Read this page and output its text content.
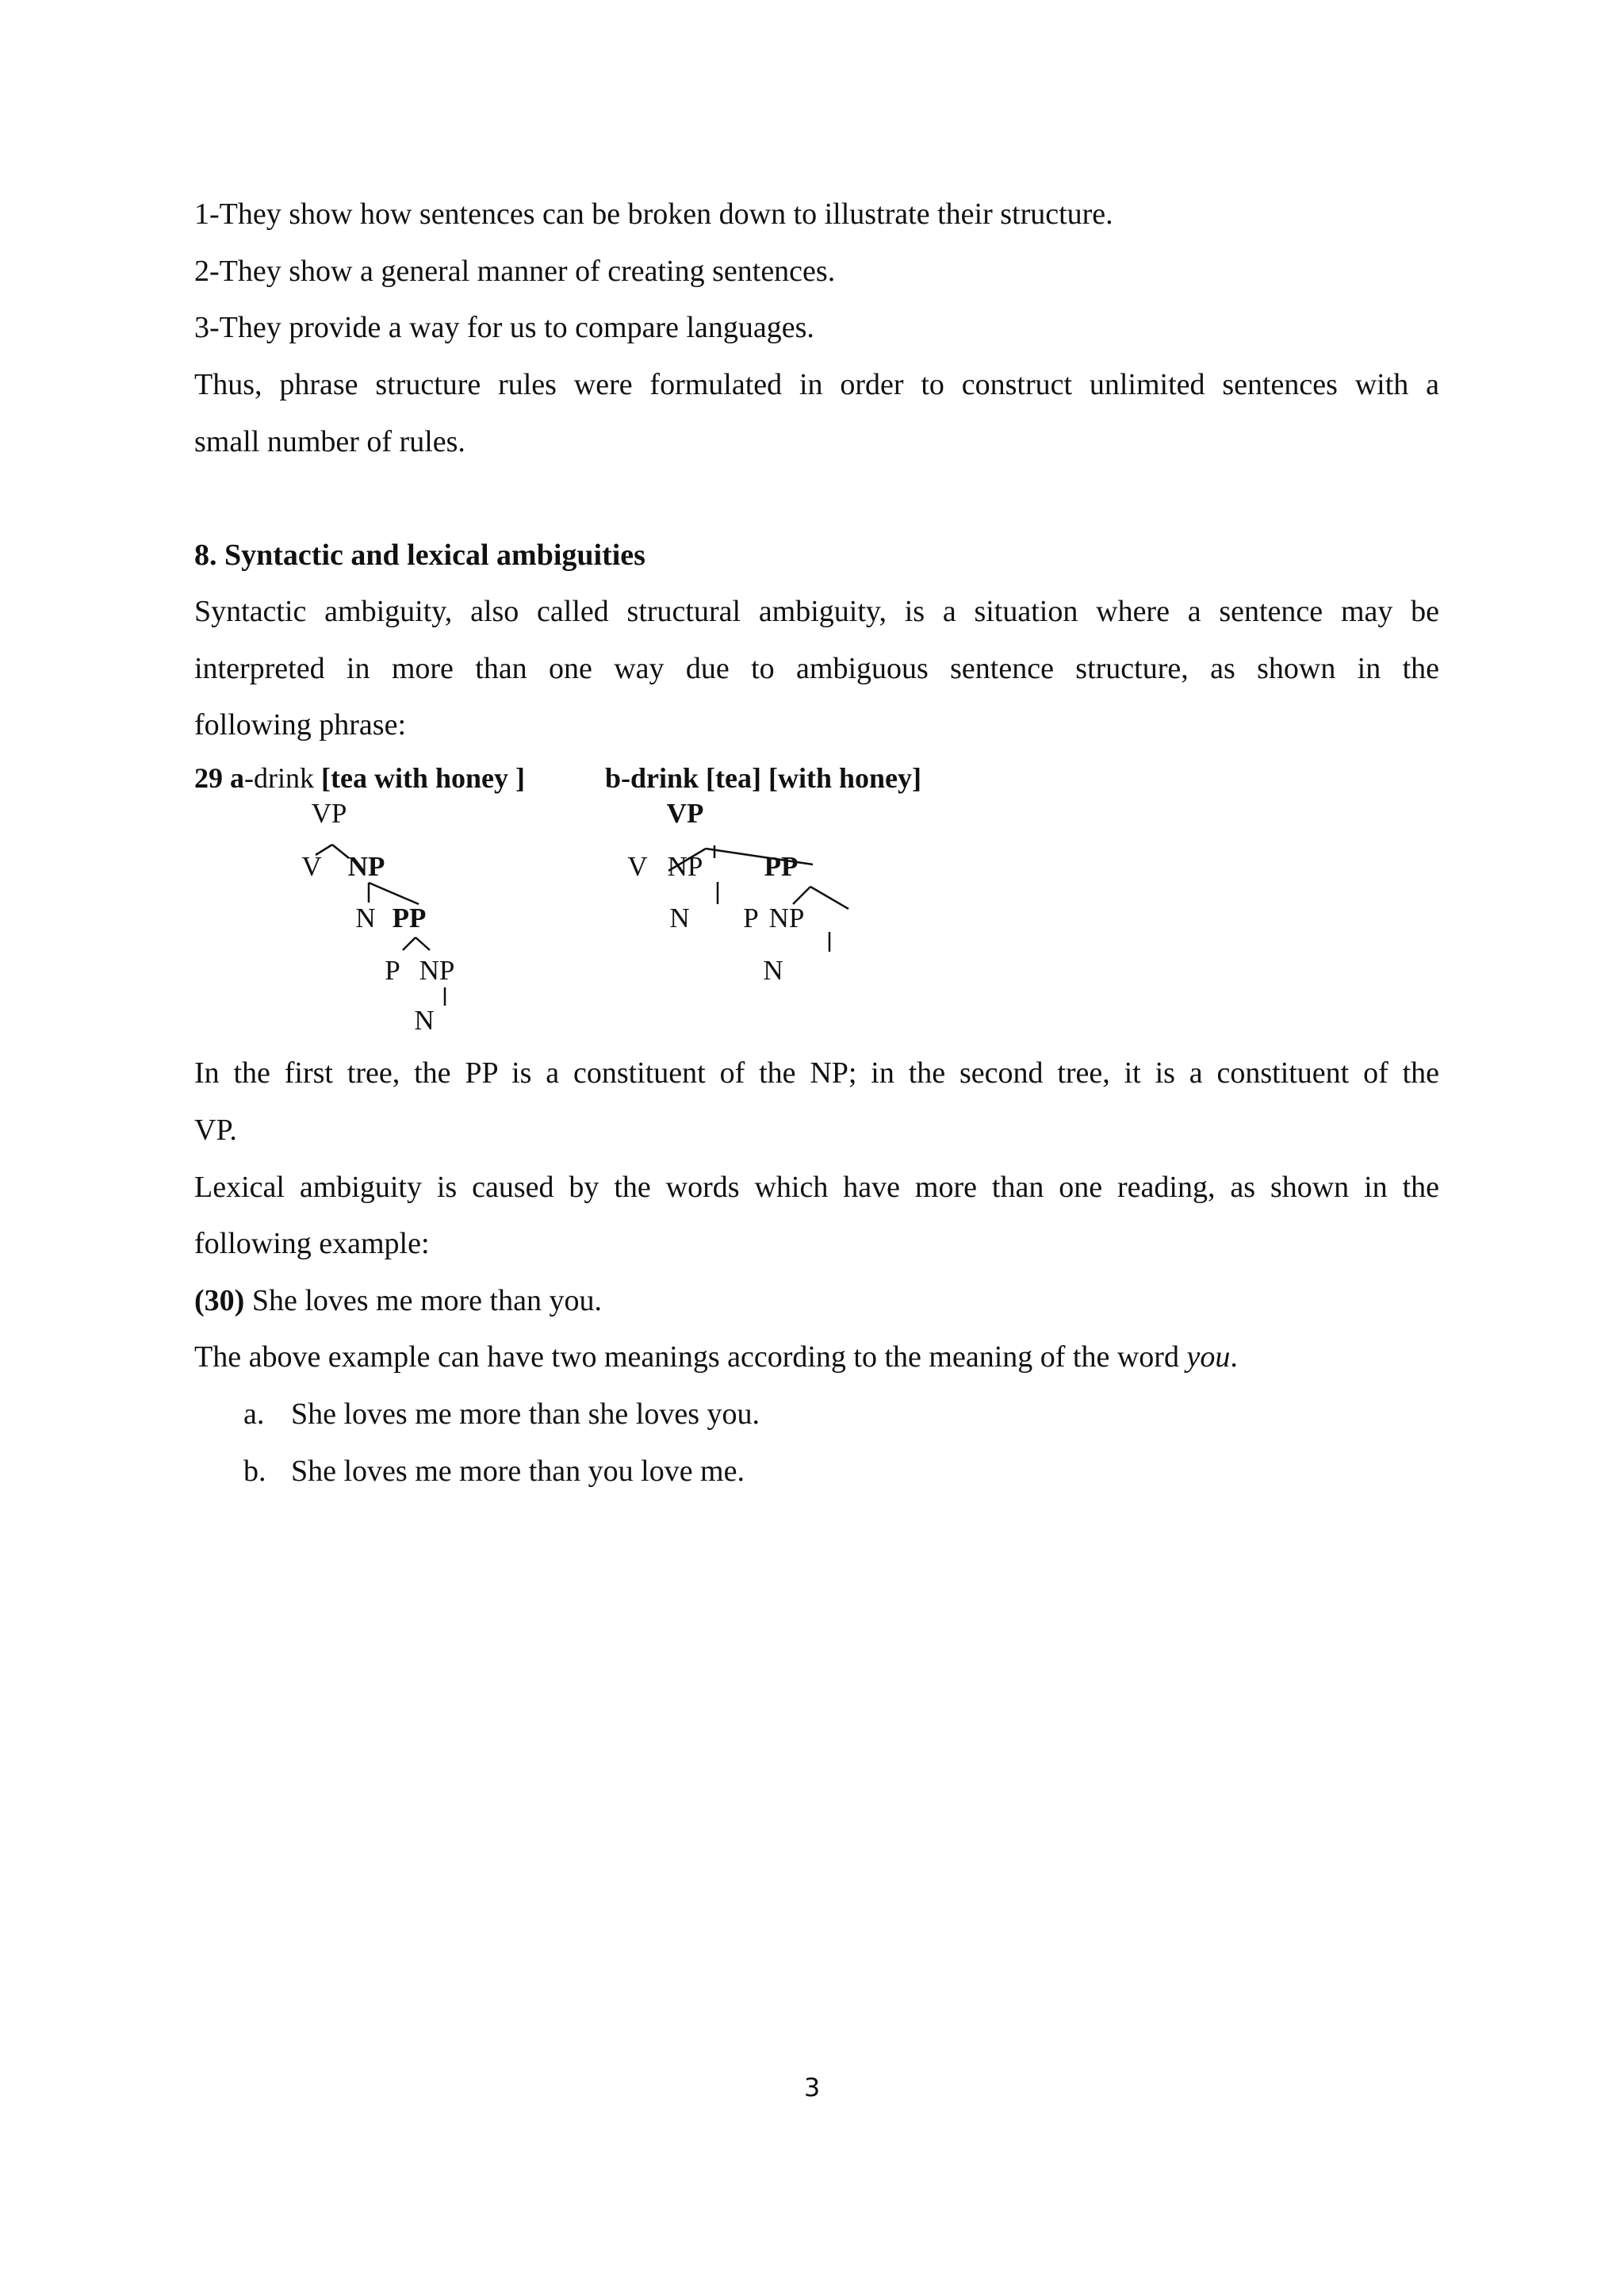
1-They show how sentences can be broken down to illustrate their structure.
2-They show a general manner of creating sentences.
3-They provide a way for us to compare languages.
Thus, phrase structure rules were formulated in order to construct unlimited sentences with a
small number of rules.
8. Syntactic and lexical ambiguities
Syntactic ambiguity, also called structural ambiguity, is a situation where a sentence may be
interpreted in more than one way due to ambiguous sentence structure, as shown in the
following phrase:
29 a-drink [tea with honey ]	b-drink [tea] [with honey]
VP
V NP
N PP
P NP
N
VP
V NP PP
N P NP
N
In the first tree, the PP is a constituent of the NP; in the second tree, it is a constituent of the
VP.
Lexical ambiguity is caused by the words which have more than one reading, as shown in the
following example:
(30) She loves me more than you.
The above example can have two meanings according to the meaning of the word you.
a. She loves me more than she loves you.
b. She loves me more than you love me.
3
